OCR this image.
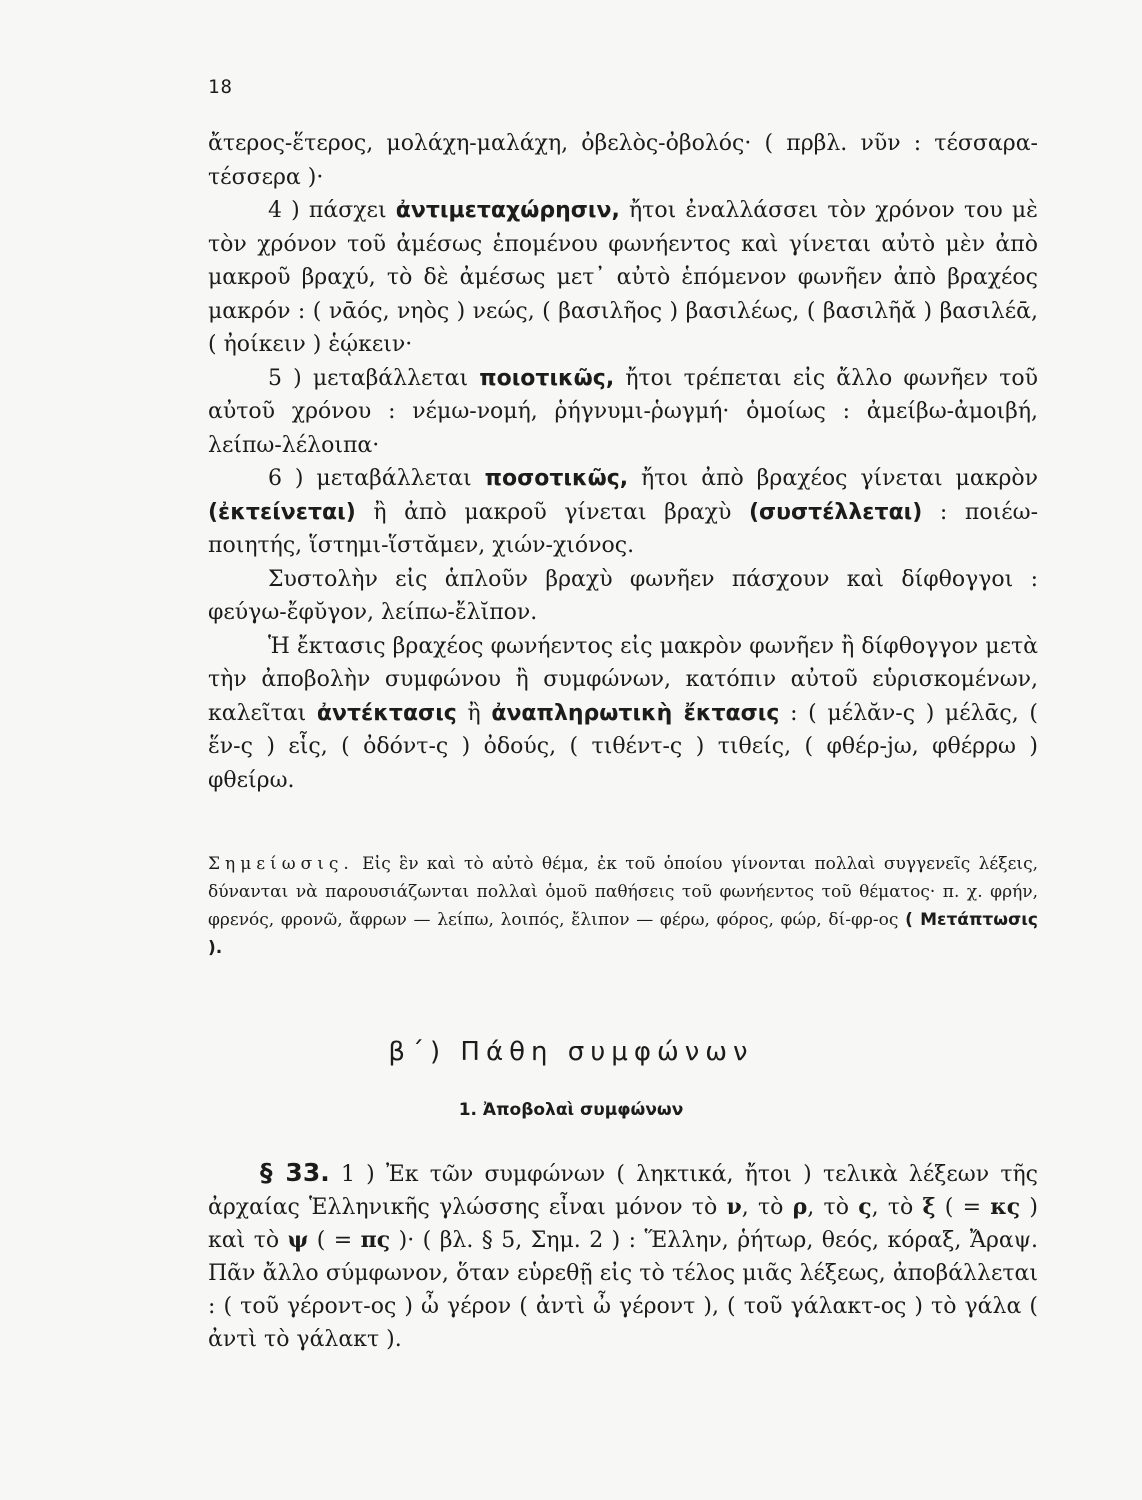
18

ἄτερος-ἕτερος, μολάχη-μαλάχη, ὀβελὸς-ὀβολός· ( πρβλ. νῦν : τέσσαρα-τέσσερα )·

4 ) πάσχει ἀντιμεταχώρησιν, ἤτοι ἐναλλάσσει τὸν χρόνον του μὲ τὸν χρόνον τοῦ ἀμέσως ἑπομένου φωνήεντος καὶ γίνεται αὐτὸ μὲν ἀπὸ μακροῦ βραχύ, τὸ δὲ ἀμέσως μετ᾽ αὐτὸ ἑπόμενον φωνῆεν ἀπὸ βραχέος μακρόν : ( νᾱός, νηὸς ) νεώς, ( βασιλῆος ) βασιλέως, ( βασιλῆᾰ ) βασιλέᾱ, ( ἠοίκειν ) ἑῴκειν·

5 ) μεταβάλλεται ποιοτικῶς, ἤτοι τρέπεται εἰς ἄλλο φωνῆεν τοῦ αὐτοῦ χρόνου : νέμω-νομή, ῥήγνυμι-ῥωγμή· ὁμοίως : ἀμείβω-ἀμοιβή, λείπω-λέλοιπα·

6 ) μεταβάλλεται ποσοτικῶς, ἤτοι ἀπὸ βραχέος γίνεται μακρὸν (ἐκτείνεται) ἢ ἀπὸ μακροῦ γίνεται βραχὺ (συστέλλεται) : ποιέω-ποιητής, ἵστημι-ἵστᾰμεν, χιών-χιόνος.

Συστολὴν εἰς ἁπλοῦν βραχὺ φωνῆεν πάσχουν καὶ δίφθογγοι : φεύγω-ἔφῠγον, λείπω-ἔλῐπον.

Ἡ ἔκτασις βραχέος φωνήεντος εἰς μακρὸν φωνῆεν ἢ δίφθογγον μετὰ τὴν ἀποβολὴν συμφώνου ἢ συμφώνων, κατόπιν αὐτοῦ εὑρισκομένων, καλεῖται ἀντέκτασις ἢ ἀναπληρωτικὴ ἔκτασις : ( μέλᾰν-ς ) μέλᾱς, ( ἕν-ς ) εἷς, ( ὀδόντ-ς ) ὀδούς, ( τιθέντ-ς ) τιθείς, ( φθέρ-jω, φθέρρω ) φθείρω.

Σημείωσις. Εἰς ἓν καὶ τὸ αὐτὸ θέμα, ἐκ τοῦ ὁποίου γίνονται πολλαὶ συγγενεῖς λέξεις, δύνανται νὰ παρουσιάζωνται πολλαὶ ὁμοῦ παθήσεις τοῦ φωνήεντος τοῦ θέματος· π. χ. φρήν, φρενός, φρονῶ, ἄφρων — λείπω, λοιπός, ἔλιπον — φέρω, φόρος, φώρ, δί-φρ-ος ( Μετάπτωσις ).
β΄) Πάθη συμφώνων
1. Ἀποβολαὶ συμφώνων
§ 33. 1 ) Ἐκ τῶν συμφώνων ( ληκτικά, ἤτοι ) τελικὰ λέξεων τῆς ἀρχαίας Ἑλληνικῆς γλώσσης εἶναι μόνον τὸ ν, τὸ ρ, τὸ ς, τὸ ξ ( = κς ) καὶ τὸ ψ ( = πς )· ( βλ. § 5, Σημ. 2 ) : Ἕλλην, ῥήτωρ, θεός, κόραξ, Ἄραψ. Πᾶν ἄλλο σύμφωνον, ὅταν εὑρεθῇ εἰς τὸ τέλος μιᾶς λέξεως, ἀποβάλλεται : ( τοῦ γέροντ-ος ) ὦ γέρον ( ἀντὶ ὦ γέροντ ), ( τοῦ γάλακτ-ος ) τὸ γάλα ( ἀντὶ τὸ γάλακτ ).
